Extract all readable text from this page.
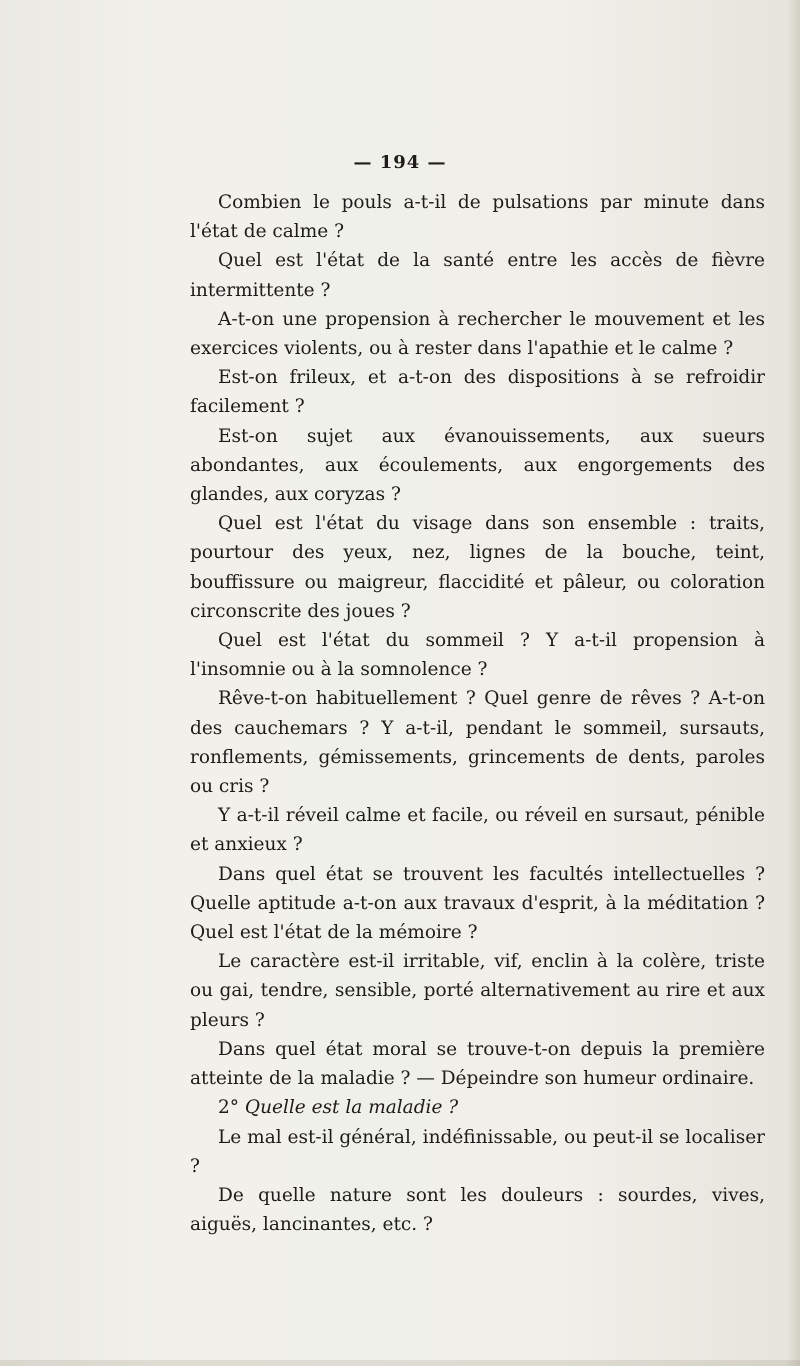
— 194 —

Combien le pouls a-t-il de pulsations par minute dans l'état de calme ?

Quel est l'état de la santé entre les accès de fièvre intermittente ?

A-t-on une propension à rechercher le mouvement et les exercices violents, ou à rester dans l'apathie et le calme ?

Est-on frileux, et a-t-on des dispositions à se refroidir facilement ?

Est-on sujet aux évanouissements, aux sueurs abondantes, aux écoulements, aux engorgements des glandes, aux coryzas ?

Quel est l'état du visage dans son ensemble : traits, pourtour des yeux, nez, lignes de la bouche, teint, bouffissure ou maigreur, flaccidité et pâleur, ou coloration circonscrite des joues ?

Quel est l'état du sommeil ? Y a-t-il propension à l'insomnie ou à la somnolence ?

Rêve-t-on habituellement ? Quel genre de rêves ? A-t-on des cauchemars ? Y a-t-il, pendant le sommeil, sursauts, ronflements, gémissements, grincements de dents, paroles ou cris ?

Y a-t-il réveil calme et facile, ou réveil en sursaut, pénible et anxieux ?

Dans quel état se trouvent les facultés intellectuelles ? Quelle aptitude a-t-on aux travaux d'esprit, à la méditation ? Quel est l'état de la mémoire ?

Le caractère est-il irritable, vif, enclin à la colère, triste ou gai, tendre, sensible, porté alternativement au rire et aux pleurs ?

Dans quel état moral se trouve-t-on depuis la première atteinte de la maladie ? — Dépeindre son humeur ordinaire.

2° Quelle est la maladie ?

Le mal est-il général, indéfinissable, ou peut-il se localiser ?

De quelle nature sont les douleurs : sourdes, vives, aiguës, lancinantes, etc. ?
